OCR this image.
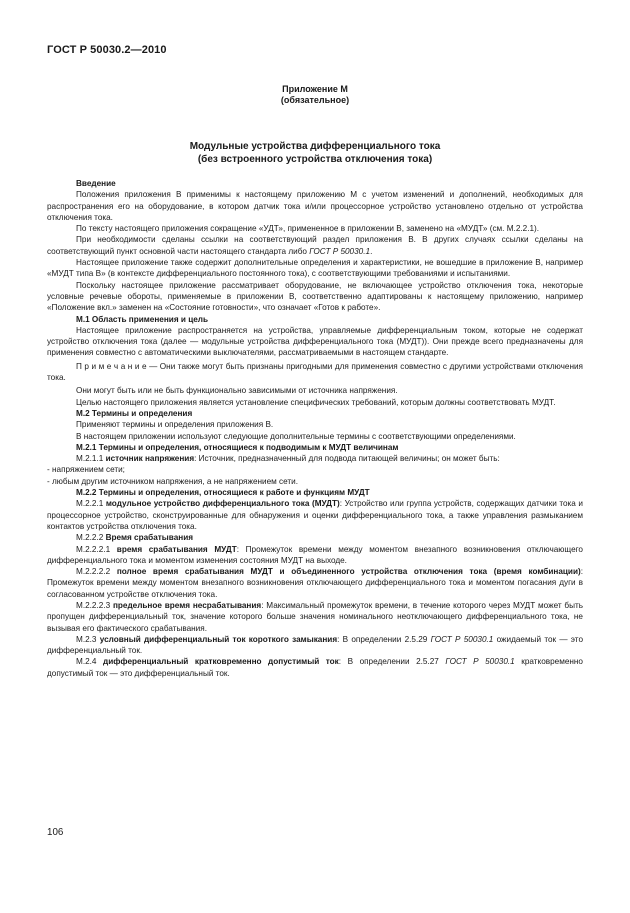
ГОСТ Р 50030.2—2010
Приложение М
(обязательное)
Модульные устройства дифференциального тока
(без встроенного устройства отключения тока)

Введение

Положения приложения В применимы к настоящему приложению М с учетом изменений и дополнений, необходимых для распространения его на оборудование, в котором датчик тока и/или процессорное устройство установлено отдельно от устройства отключения тока.

По тексту настоящего приложения сокращение «УДТ», примененное в приложении В, заменено на «МУДТ» (см. М.2.2.1).

При необходимости сделаны ссылки на соответствующий раздел приложения В. В других случаях ссылки сделаны на соответствующий пункт основной части настоящего стандарта либо ГОСТ Р 50030.1.

Настоящее приложение также содержит дополнительные определения и характеристики, не вошедшие в приложение В, например «МУДТ типа В» (в контексте дифференциального постоянного тока), с соответствующими требованиями и испытаниями.

Поскольку настоящее приложение рассматривает оборудование, не включающее устройство отключения тока, некоторые условные речевые обороты, применяемые в приложении В, соответственно адаптированы к настоящему приложению, например «Положение вкл.» заменен на «Состояние готовности», что означает «Готов к работе».

М.1 Область применения и цель

Настоящее приложение распространяется на устройства, управляемые дифференциальным током, которые не содержат устройство отключения тока (далее — модульные устройства дифференциального тока (МУДТ)). Они прежде всего предназначены для применения совместно с автоматическими выключателями, рассматриваемыми в настоящем стандарте.

П р и м е ч а н и е — Они также могут быть признаны пригодными для применения совместно с другими устройствами отключения тока.

Они могут быть или не быть функционально зависимыми от источника напряжения.

Целью настоящего приложения является установление специфических требований, которым должны соответствовать МУДТ.

М.2 Термины и определения

Применяют термины и определения приложения В.

В настоящем приложении используют следующие дополнительные термины с соответствующими определениями.

М.2.1 Термины и определения, относящиеся к подводимым к МУДТ величинам

М.2.1.1 источник напряжения: Источник, предназначенный для подвода питающей величины; он может быть:

- напряжением сети;

- любым другим источником напряжения, а не напряжением сети.

М.2.2 Термины и определения, относящиеся к работе и функциям МУДТ

М.2.2.1 модульное устройство дифференциального тока (МУДТ): Устройство или группа устройств, содержащих датчики тока и процессорное устройство, сконструированные для обнаружения и оценки дифференциального тока, а также управления размыканием контактов устройства отключения тока.

М.2.2.2 Время срабатывания

М.2.2.2.1 время срабатывания МУДТ: Промежуток времени между моментом внезапного возникновения отключающего дифференциального тока и моментом изменения состояния МУДТ на выходе.

М.2.2.2.2 полное время срабатывания МУДТ и объединенного устройства отключения тока (время комбинации): Промежуток времени между моментом внезапного возникновения отключающего дифференциального тока и моментом погасания дуги в согласованном устройстве отключения тока.

М.2.2.2.3 предельное время несрабатывания: Максимальный промежуток времени, в течение которого через МУДТ может быть пропущен дифференциальный ток, значение которого больше значения номинального неотключающего дифференциального тока, не вызывая его фактического срабатывания.

М.2.3 условный дифференциальный ток короткого замыкания: В определении 2.5.29 ГОСТ Р 50030.1 ожидаемый ток — это дифференциальный ток.

М.2.4 дифференциальный кратковременно допустимый ток: В определении 2.5.27 ГОСТ Р 50030.1 кратковременно допустимый ток — это дифференциальный ток.

106
